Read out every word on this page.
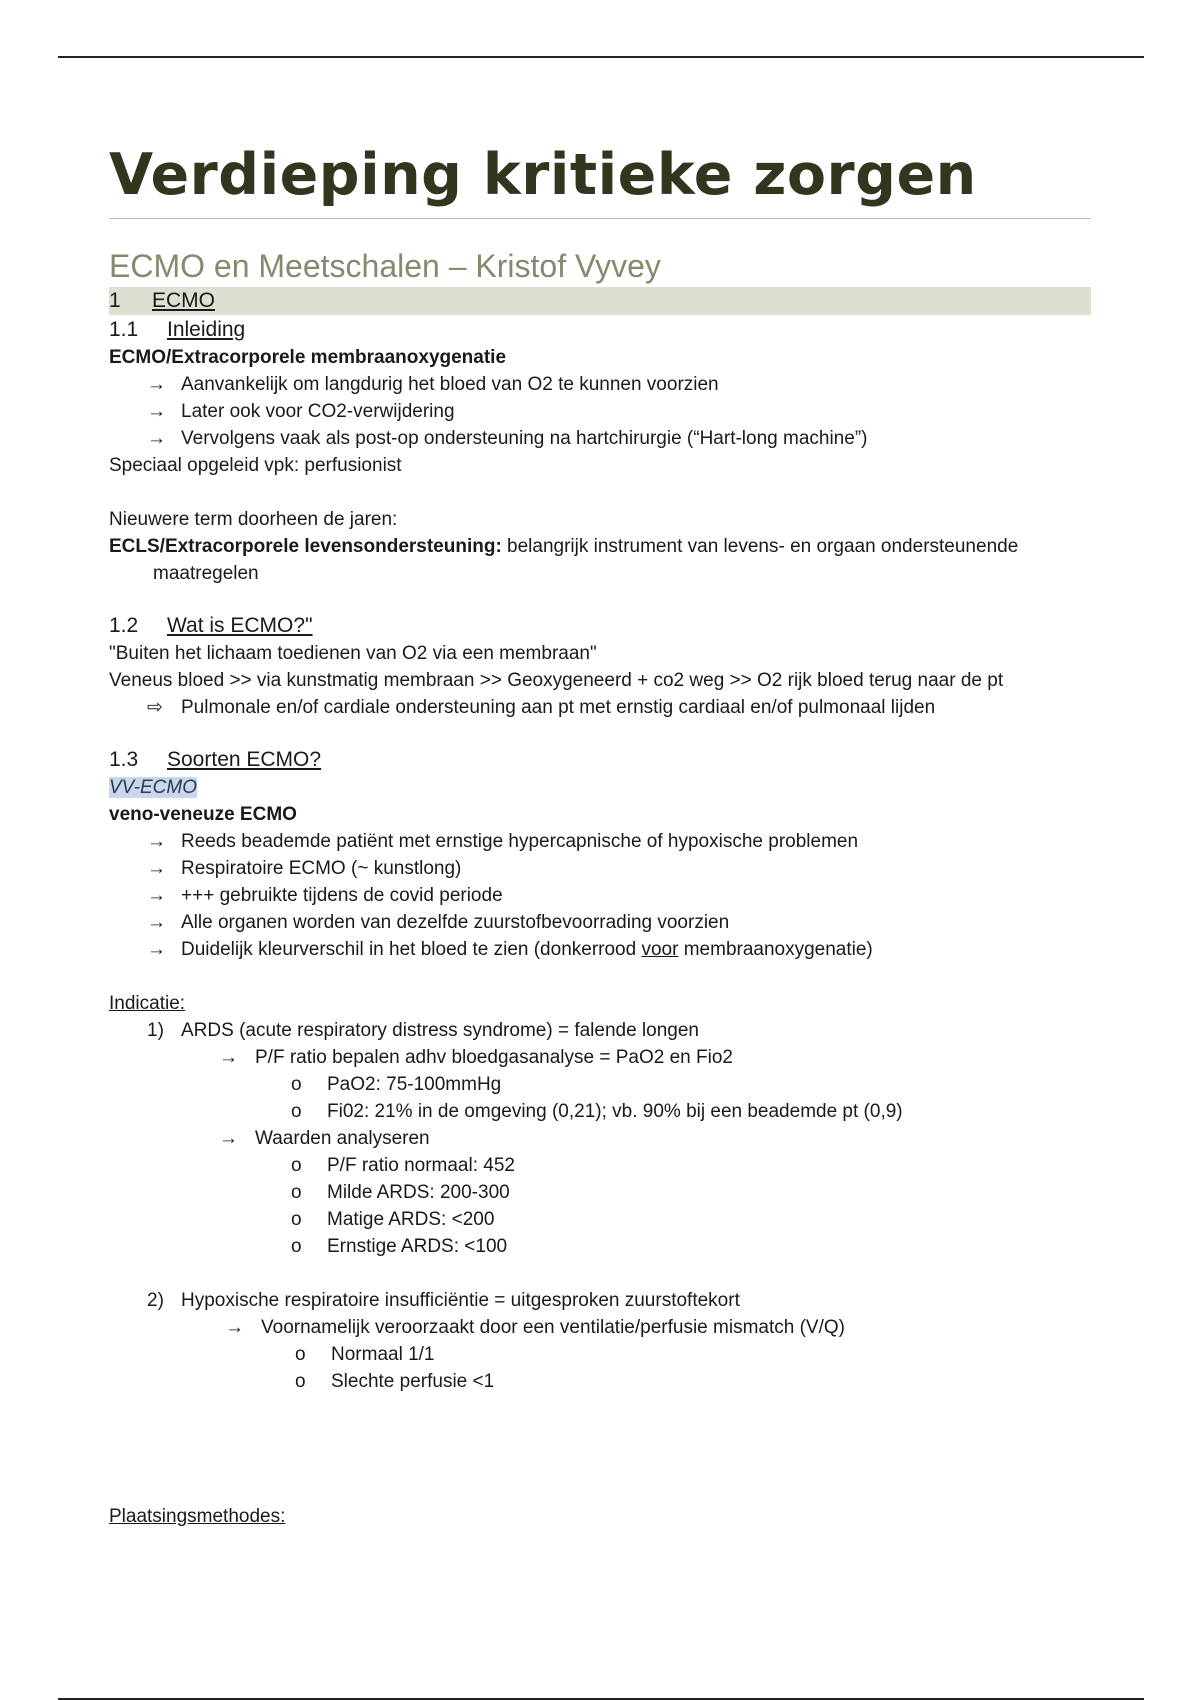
Verdieping kritieke zorgen
ECMO en Meetschalen – Kristof Vyvey
1	ECMO
1.1	Inleiding
ECMO/Extracorporele membraanoxygenatie
→ Aanvankelijk om langdurig het bloed van O2 te kunnen voorzien
→ Later ook voor CO2-verwijdering
→ Vervolgens vaak als post-op ondersteuning na hartchirurgie (“Hart-long machine”)
Speciaal opgeleid vpk: perfusionist
Nieuwere term doorheen de jaren:
ECLS/Extracorporele levensondersteuning: belangrijk instrument van levens- en orgaan ondersteunende maatregelen
1.2	Wat is ECMO?"
"Buiten het lichaam toedienen van O2 via een membraan"
Veneus bloed >> via kunstmatig membraan >> Geoxygeneerd + co2 weg >> O2 rijk bloed terug naar de pt
⇨ Pulmonale en/of cardiale ondersteuning aan pt met ernstig cardiaal en/of pulmonaal lijden
1.3	Soorten ECMO?
VV-ECMO
veno-veneuze ECMO
→ Reeds beademde patiënt met ernstige hypercapnische of hypoxische problemen
→ Respiratoire ECMO (~ kunstlong)
→ +++ gebruikte tijdens de covid periode
→ Alle organen worden van dezelfde zuurstofbevoorrading voorzien
→ Duidelijk kleurverschil in het bloed te zien (donkerrood voor membraanoxygenatie)
Indicatie:
1) ARDS (acute respiratory distress syndrome) = falende longen
→ P/F ratio bepalen adhv bloedgasanalyse = PaO2 en Fio2
o	PaO2: 75-100mmHg
o	Fi02: 21% in de omgeving (0,21); vb. 90% bij een beademde pt (0,9)
→ Waarden analyseren
o	P/F ratio normaal: 452
o	Milde ARDS: 200-300
o	Matige ARDS: <200
o	Ernstige ARDS: <100
2) Hypoxische respiratoire insufficiëntie = uitgesproken zuurstoftekort
→ Voornamelijk veroorzaakt door een ventilatie/perfusie mismatch (V/Q)
o	Normaal 1/1
o	Slechte perfusie <1
Plaatsingsmethodes:
